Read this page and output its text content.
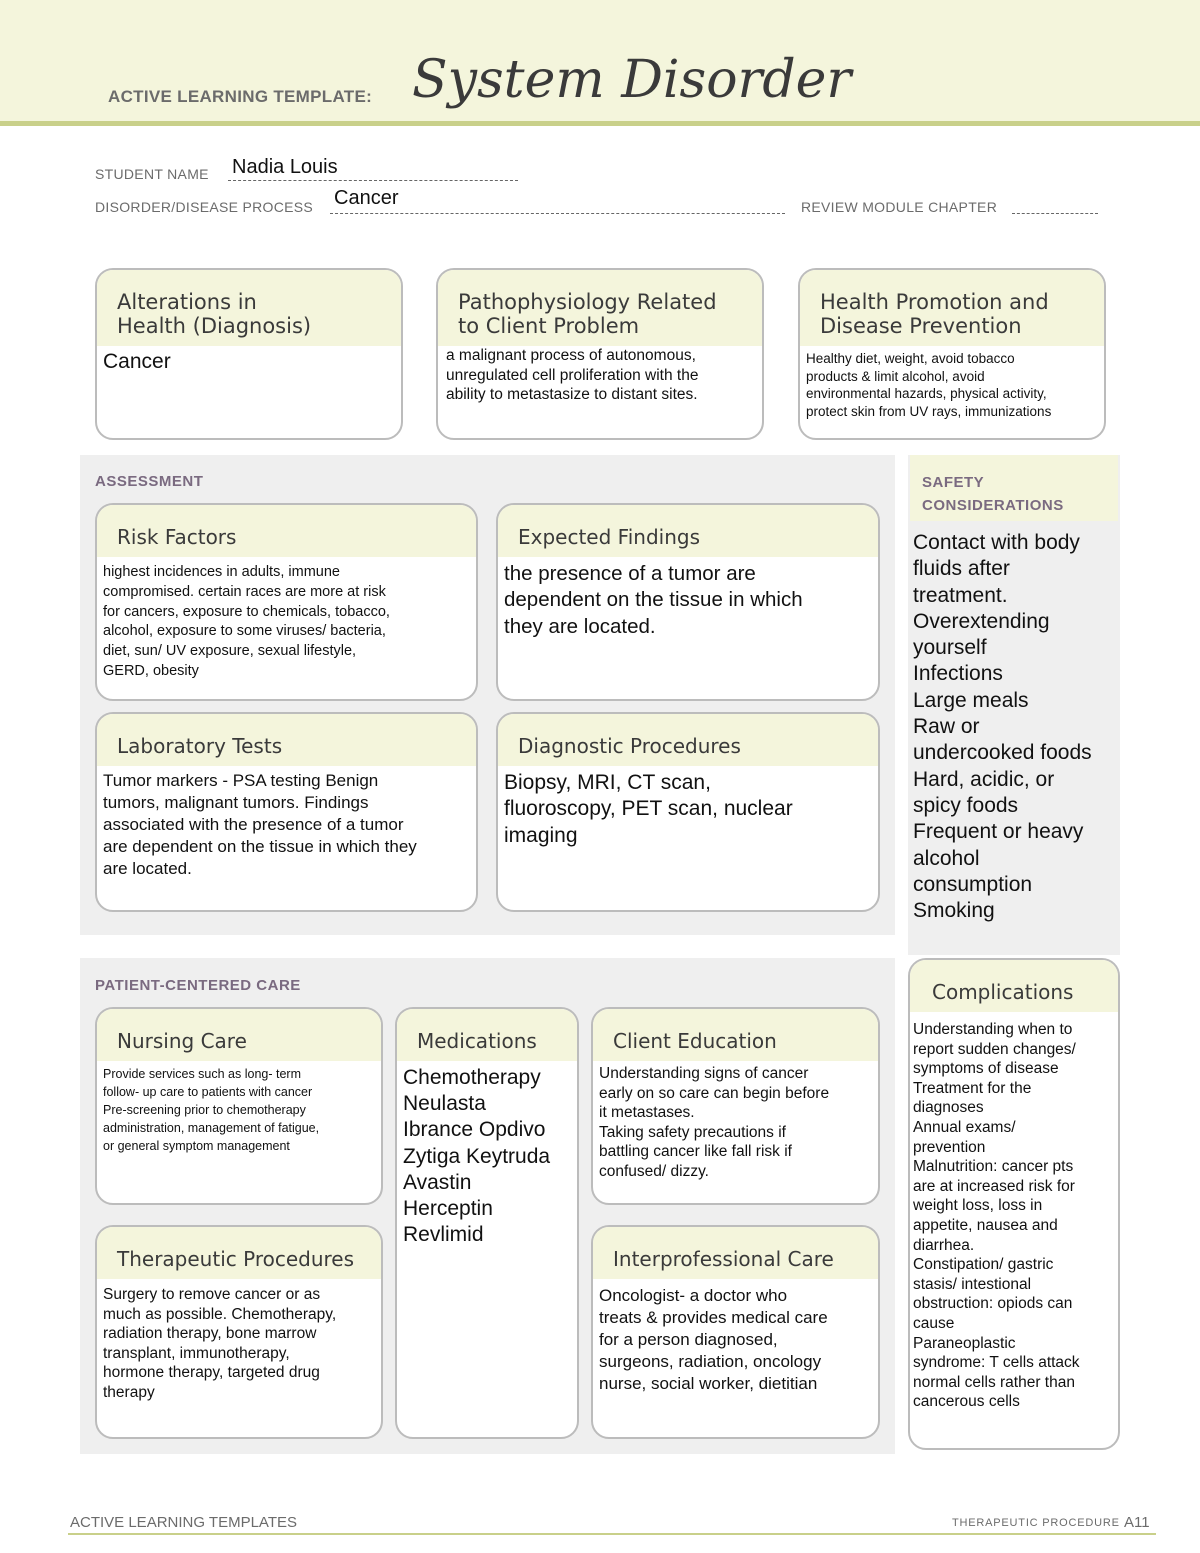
ACTIVE LEARNING TEMPLATE: System Disorder
STUDENT NAME Nadia Louis
DISORDER/DISEASE PROCESS Cancer	REVIEW MODULE CHAPTER
Alterations in
Health (Diagnosis)
Cancer
Pathophysiology Related
to Client Problem
a malignant process of autonomous,
unregulated cell proliferation with the
ability to metastasize to distant sites.
Health Promotion and
Disease Prevention
Healthy diet, weight, avoid tobacco
products & limit alcohol, avoid
environmental hazards, physical activity,
protect skin from UV rays, immunizations
ASSESSMENT
Risk Factors
highest incidences in adults, immune
compromised. certain races are more at risk
for cancers, exposure to chemicals, tobacco,
alcohol, exposure to some viruses/ bacteria,
diet, sun/ UV exposure, sexual lifestyle,
GERD, obesity
Expected Findings
the presence of a tumor are
dependent on the tissue in which
they are located.
Laboratory Tests
Tumor markers - PSA testing Benign
tumors, malignant tumors. Findings
associated with the presence of a tumor
are dependent on the tissue in which they
are located.
Diagnostic Procedures
Biopsy, MRI, CT scan,
fluoroscopy, PET scan, nuclear
imaging
SAFETY
CONSIDERATIONS
Contact with body
fluids after
treatment.
Overextending
yourself
Infections
Large meals
Raw or
undercooked foods
Hard, acidic, or
spicy foods
Frequent or heavy
alcohol
consumption
Smoking
Complications
Understanding when to
report sudden changes/
symptoms of disease
Treatment for the
diagnoses
Annual exams/
prevention
Malnutrition: cancer pts
are at increased risk for
weight loss, loss in
appetite, nausea and
diarrhea.
Constipation/ gastric
stasis/ intestional
obstruction: opiods can
cause
Paraneoplastic
syndrome: T cells attack
normal cells rather than
cancerous cells
PATIENT-CENTERED CARE
Nursing Care
Provide services such as long- term
follow- up care to patients with cancer
Pre-screening prior to chemotherapy
administration, management of fatigue,
or general symptom management
Medications
Chemotherapy
Neulasta
Ibrance Opdivo
Zytiga Keytruda
Avastin
Herceptin
Revlimid
Client Education
Understanding signs of cancer
early on so care can begin before
it metastases.
Taking safety precautions if
battling cancer like fall risk if
confused/ dizzy.
Therapeutic Procedures
Surgery to remove cancer or as
much as possible. Chemotherapy,
radiation therapy, bone marrow
transplant, immunotherapy,
hormone therapy, targeted drug
therapy
Interprofessional Care
Oncologist- a doctor who
treats & provides medical care
for a person diagnosed,
surgeons, radiation, oncology
nurse, social worker, dietitian
ACTIVE LEARNING TEMPLATES	THERAPEUTIC PROCEDURE A11
